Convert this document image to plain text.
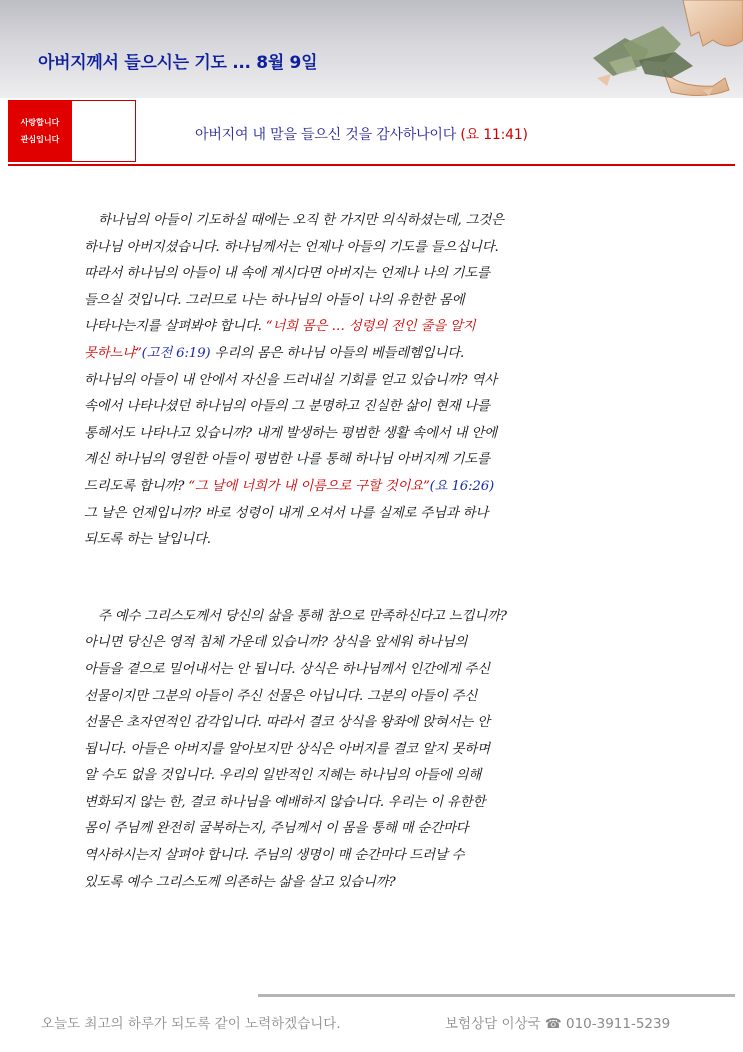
아버지께서 들으시는 기도 ... 8월 9일
사랑합니다
관심입니다	아버지여 내 말을 들으신 것을 감사하나이다 (요 11:41)

하나님의 아들이 기도하실 때에는 오직 한 가지만 의식하셨는데, 그것은
하나님 아버지셨습니다. 하나님께서는 언제나 아들의 기도를 들으십니다.
따라서 하나님의 아들이 내 속에 계시다면 아버지는 언제나 나의 기도를
들으실 것입니다. 그러므로 나는 하나님의 아들이 나의 유한한 몸에
나타나는지를 살펴봐야 합니다. “너희 몸은 … 성령의 전인 줄을 알지
못하느냐”(고전 6:19) 우리의 몸은 하나님 아들의 베들레헴입니다.
하나님의 아들이 내 안에서 자신을 드러내실 기회를 얻고 있습니까? 역사
속에서 나타나셨던 하나님의 아들의 그 분명하고 진실한 삶이 현재 나를
통해서도 나타나고 있습니까? 내게 발생하는 평범한 생활 속에서 내 안에
계신 하나님의 영원한 아들이 평범한 나를 통해 하나님 아버지께 기도를
드리도록 합니까? “그 날에 너희가 내 이름으로 구할 것이요”(요 16:26)
그 날은 언제입니까? 바로 성령이 내게 오셔서 나를 실제로 주님과 하나
되도록 하는 날입니다.

주 예수 그리스도께서 당신의 삶을 통해 참으로 만족하신다고 느낍니까?
아니면 당신은 영적 침체 가운데 있습니까? 상식을 앞세워 하나님의
아들을 곁으로 밀어내서는 안 됩니다. 상식은 하나님께서 인간에게 주신
선물이지만 그분의 아들이 주신 선물은 아닙니다. 그분의 아들이 주신
선물은 초자연적인 감각입니다. 따라서 결코 상식을 왕좌에 앉혀서는 안
됩니다. 아들은 아버지를 알아보지만 상식은 아버지를 결코 알지 못하며
알 수도 없을 것입니다. 우리의 일반적인 지혜는 하나님의 아들에 의해
변화되지 않는 한, 결코 하나님을 예배하지 않습니다. 우리는 이 유한한
몸이 주님께 완전히 굴복하는지, 주님께서 이 몸을 통해 매 순간마다
역사하시는지 살펴야 합니다. 주님의 생명이 매 순간마다 드러날 수
있도록 예수 그리스도께 의존하는 삶을 살고 있습니까?

오늘도 최고의 하루가 되도록 같이 노력하겠습니다.	보험상담 이상국 ☎ 010-3911-5239
